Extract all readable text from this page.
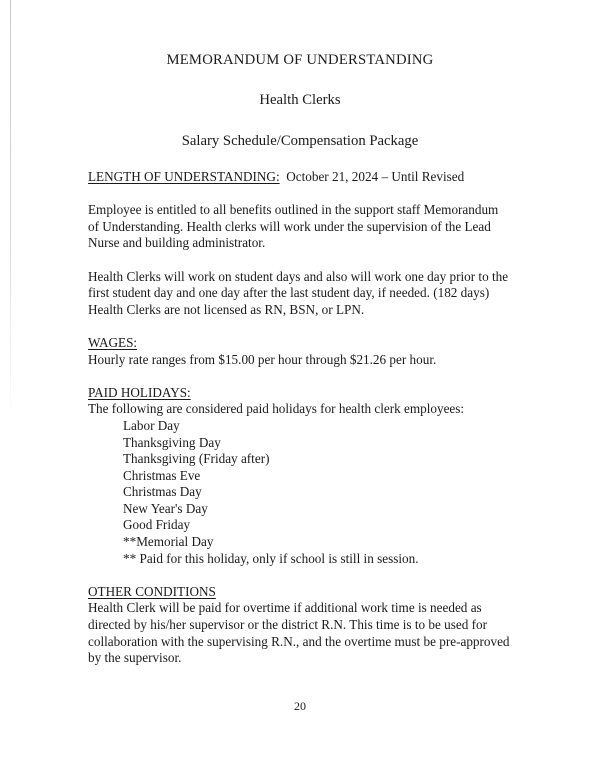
MEMORANDUM OF UNDERSTANDING
Health Clerks
Salary Schedule/Compensation Package

LENGTH OF UNDERSTANDING: October 21, 2024 – Until Revised

Employee is entitled to all benefits outlined in the support staff Memorandum of Understanding. Health clerks will work under the supervision of the Lead Nurse and building administrator.

Health Clerks will work on student days and also will work one day prior to the first student day and one day after the last student day, if needed. (182 days)

Health Clerks are not licensed as RN, BSN, or LPN.

WAGES:

Hourly rate ranges from $15.00 per hour through $21.26 per hour.

PAID HOLIDAYS:

The following are considered paid holidays for health clerk employees:

Labor Day
Thanksgiving Day
Thanksgiving (Friday after)
Christmas Eve
Christmas Day
New Year's Day
Good Friday
**Memorial Day

** Paid for this holiday, only if school is still in session.

OTHER CONDITIONS

Health Clerk will be paid for overtime if additional work time is needed as directed by his/her supervisor or the district R.N. This time is to be used for collaboration with the supervising R.N., and the overtime must be pre-approved by the supervisor.

20
